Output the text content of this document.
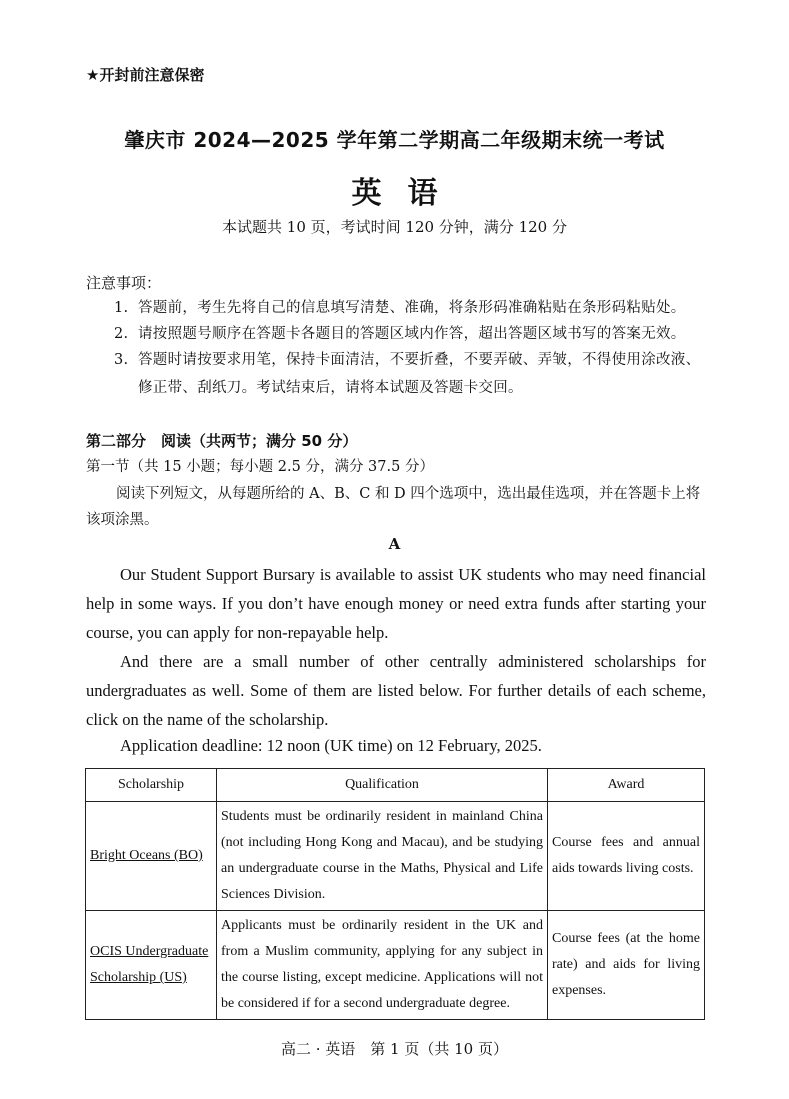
★开封前注意保密
肇庆市 2024—2025 学年第二学期高二年级期末统一考试
英语
本试题共 10 页，考试时间 120 分钟，满分 120 分
注意事项：
1. 答题前，考生先将自己的信息填写清楚、准确，将条形码准确粘贴在条形码粘贴处。
2. 请按照题号顺序在答题卡各题目的答题区域内作答，超出答题区域书写的答案无效。
3. 答题时请按要求用笔，保持卡面清洁，不要折叠，不要弄破、弄皱，不得使用涂改液、修正带、刮纸刀。考试结束后，请将本试题及答题卡交回。
第二部分　阅读（共两节；满分 50 分）
第一节（共 15 小题；每小题 2.5 分，满分 37.5 分）
阅读下列短文，从每题所给的 A、B、C 和 D 四个选项中，选出最佳选项，并在答题卡上将该项涂黑。
A
Our Student Support Bursary is available to assist UK students who may need financial help in some ways. If you don’t have enough money or need extra funds after starting your course, you can apply for non-repayable help.
And there are a small number of other centrally administered scholarships for undergraduates as well. Some of them are listed below. For further details of each scheme, click on the name of the scholarship.
Application deadline: 12 noon (UK time) on 12 February, 2025.
Scholarship	Qualification	Award
Bright Oceans (BO)	Students must be ordinarily resident in mainland China (not including Hong Kong and Macau), and be studying an undergraduate course in the Maths, Physical and Life Sciences Division.	Course fees and annual aids towards living costs.
OCIS Undergraduate Scholarship (US)	Applicants must be ordinarily resident in the UK and from a Muslim community, applying for any subject in the course listing, except medicine. Applications will not be considered if for a second undergraduate degree.	Course fees (at the home rate) and aids for living expenses.
高二 · 英语　第 1 页（共 10 页）
